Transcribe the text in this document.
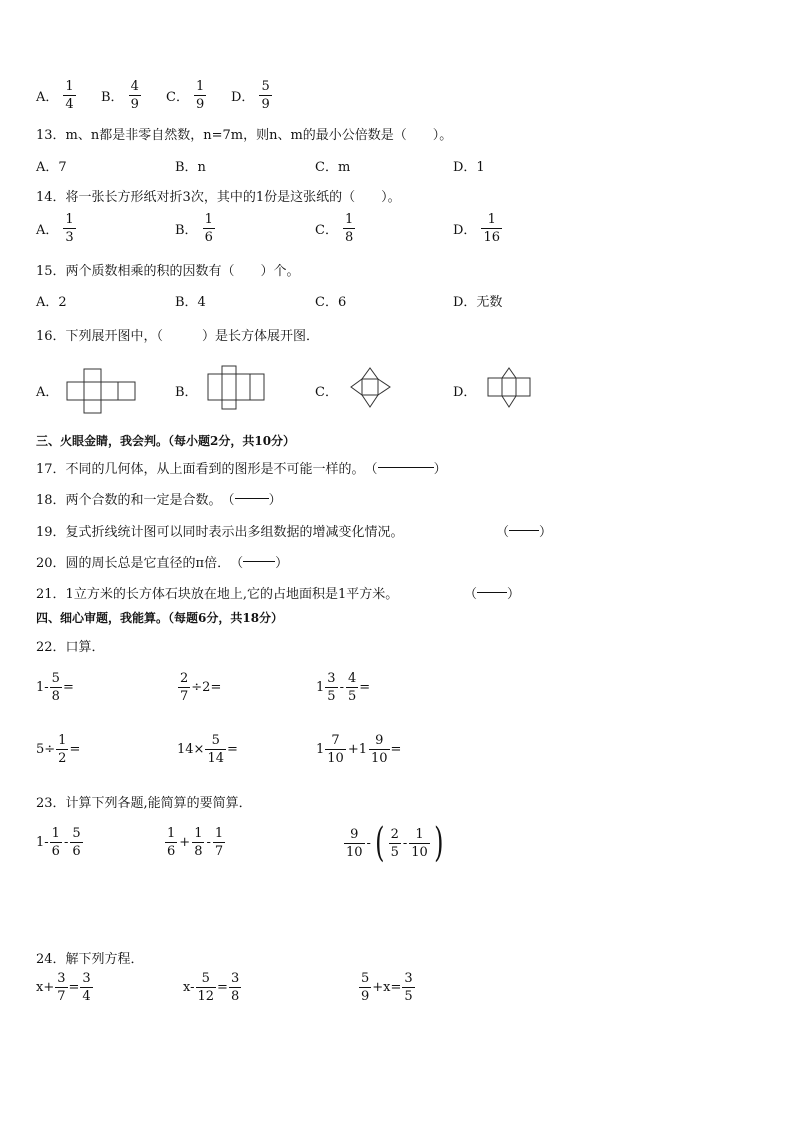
A． $\frac{1}{4}$ B． $\frac{4}{9}$ C． $\frac{1}{9}$ D． $\frac{5}{9}$
13．m、n都是非零自然数，n=7m，则n、m的最小公倍数是（　　）。
A．7	B．n	C．m	D．1
14．将一张长方形纸对折3次，其中的1份是这张纸的（　　）。
A． $\frac{1}{3}$	B． $\frac{1}{6}$	C． $\frac{1}{8}$	D． $\frac{1}{16}$
15．两个质数相乘的积的因数有（　　）个。
A．2	B．4	C．6	D．无数
16．下列展开图中，（　　　）是长方体展开图．
A．	B．	C．	D．
三、火眼金睛，我会判。（每小题2分，共10分）
17．不同的几何体，从上面看到的图形是不可能一样的。 （	）
18．两个合数的和一定是合数。 （	）
19．复式折线统计图可以同时表示出多组数据的增减变化情况。	（ ）
20．圆的周长总是它直径的π倍． （ ）
21．1立方米的长方体石块放在地上,它的占地面积是1平方米。	（ ）
四、细心审题，我能算。（每题6分，共18分）
22．口算．
$1- \frac{5}{8}$ =	$\frac{2}{7} \div 2=$	$1 \frac{3}{5} - \frac{4}{5}$ =
$5\div \frac{1}{2}$ =	$14\times \frac{5}{14}$ =	$1 \frac{7}{10} +1 \frac{9}{10}$ =
23．计算下列各题,能简算的要简算．
$1- \frac{1}{6} - \frac{5}{6}$	$\frac{1}{6} + \frac{1}{8} - \frac{1}{7}$	$\frac{9}{10}$ - ( $\frac{2}{5} - \frac{1}{10}$ )
24．解下列方程．
$x+ \frac{3}{7} = \frac{3}{4}$	$x- \frac{5}{12} = \frac{3}{8}$	$\frac{5}{9} +x= \frac{3}{5}$
